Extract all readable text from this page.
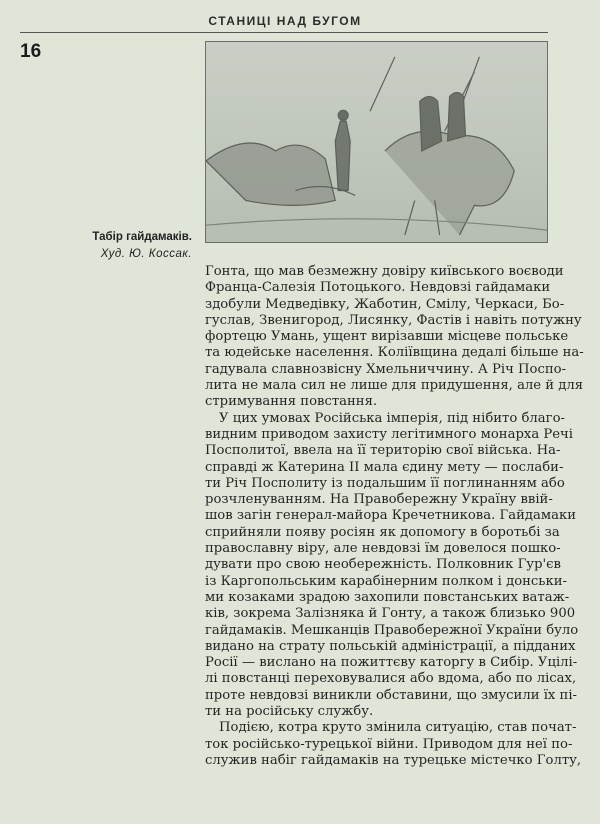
СТАНИЦІ НАД БУГОМ
16
Табір гайдамаків.
Худ. Ю. Коссак.
Гонта, що мав безмежну довіру київського воєводи
Франца-Салезія Потоцького. Невдовзі гайдамаки
здобули Медведівку, Жаботин, Смілу, Черкаси, Бо-
гуслав, Звенигород, Лисянку, Фастів і навіть потужну
фортецю Умань, ущент вирізавши місцеве польське
та юдейське населення. Коліївщина дедалі більше на-
гадувала славнозвісну Хмельниччину. А Річ Поспо-
лита не мала сил не лише для придушення, але й для
стримування повстання.
У цих умовах Російська імперія, під нібито благо-
видним приводом захисту легітимного монарха Речі
Посполитої, ввела на її територію свої війська. На-
справді ж Катерина II мала єдину мету — послаби-
ти Річ Посполиту із подальшим її поглинанням або
розчленуванням. На Правобережну Україну ввій-
шов загін генерал-майора Кречетникова. Гайдамаки
сприйняли появу росіян як допомогу в боротьбі за
православну віру, але невдовзі їм довелося пошко-
дувати про свою необережність. Полковник Гур'єв
із Каргопольським карабінерним полком і донськи-
ми козаками зрадою захопили повстанських ватаж-
ків, зокрема Залізняка й Гонту, а також близько 900
гайдамаків. Мешканців Правобережної України було
видано на страту польській адміністрації, а підданих
Росії — вислано на пожиттєву каторгу в Сибір. Уцілі-
лі повстанці переховувалися або вдома, або по лісах,
проте невдовзі виникли обставини, що змусили їх пі-
ти на російську службу.
Подією, котра круто змінила ситуацію, став почат-
ток російсько-турецької війни. Приводом для неї по-
служив набіг гайдамаків на турецьке містечко Голту,
